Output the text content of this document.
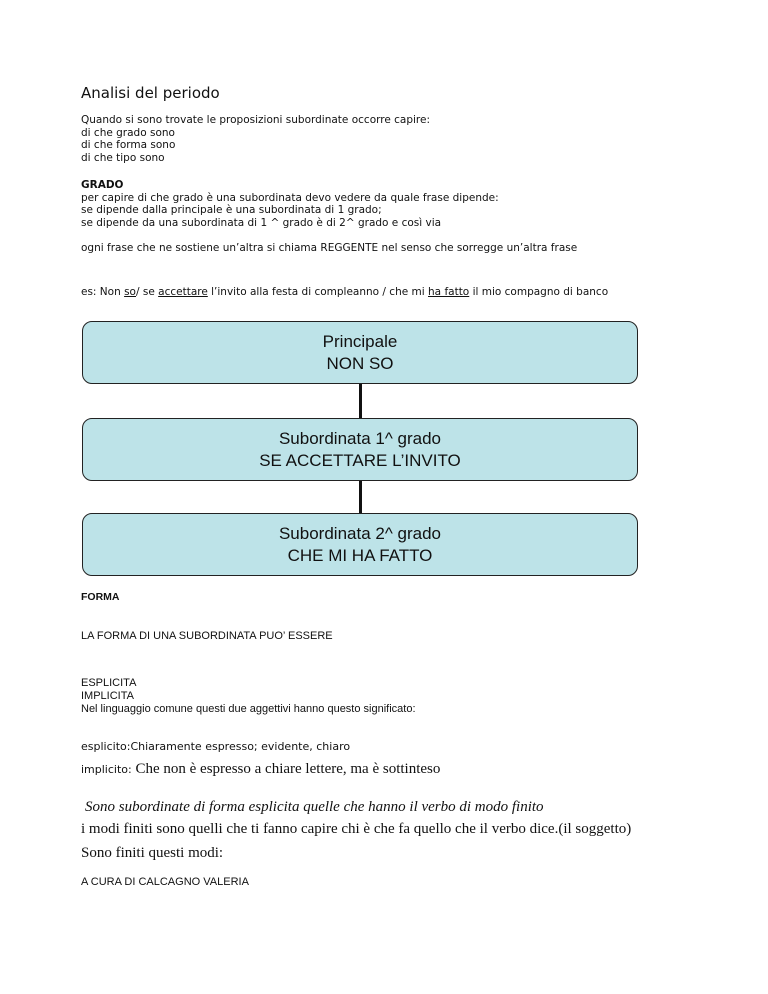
Analisi del periodo
Quando si sono trovate le proposizioni subordinate occorre capire:
di che grado sono
di che forma sono
di che tipo sono
GRADO
per capire di che grado è una subordinata devo vedere da quale frase dipende:
se dipende dalla principale è una subordinata di 1 grado;
se dipende da una subordinata di 1 ^ grado è di 2^ grado e così via
ogni frase che ne sostiene un’altra si chiama REGGENTE nel senso che sorregge un’altra frase
es: Non so/ se accettare l’invito alla festa di compleanno / che mi ha fatto il mio compagno di banco
Principale
NON SO
Subordinata 1^ grado
SE ACCETTARE L’INVITO
Subordinata 2^ grado
CHE MI HA FATTO
FORMA
LA FORMA DI UNA SUBORDINATA PUO’ ESSERE
ESPLICITA
IMPLICITA
Nel linguaggio comune questi due aggettivi hanno questo significato:
esplicito:Chiaramente espresso; evidente, chiaro
implicito: Che non è espresso a chiare lettere, ma è sottinteso
Sono subordinate di forma esplicita quelle che hanno il verbo di modo finito
i modi finiti sono quelli che ti fanno capire chi è che fa quello che il verbo dice.(il soggetto)
Sono finiti questi modi:
A CURA DI CALCAGNO VALERIA
